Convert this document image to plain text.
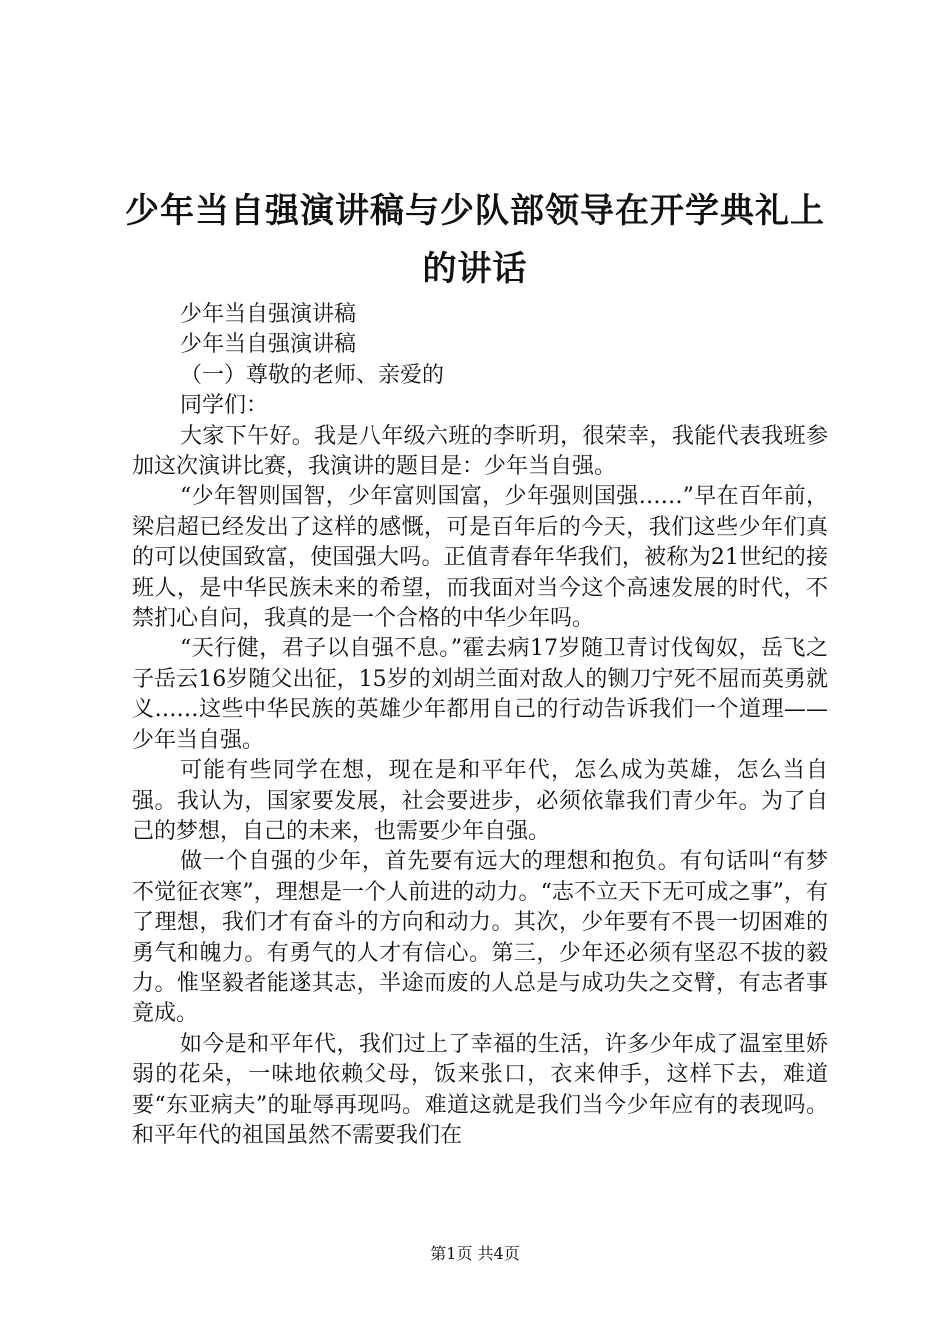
少年当自强演讲稿与少队部领导在开学典礼上
的讲话

少年当自强演讲稿

少年当自强演讲稿

（一）尊敬的老师、亲爱的

同学们：

大家下午好。我是八年级六班的李昕玥，很荣幸，我能代表我班参加这次演讲比赛，我演讲的题目是：少年当自强。

“少年智则国智，少年富则国富，少年强则国强……”早在百年前，梁启超已经发出了这样的感慨，可是百年后的今天，我们这些少年们真的可以使国致富，使国强大吗。正值青春年华我们，被称为21世纪的接班人，是中华民族未来的希望，而我面对当今这个高速发展的时代，不禁扪心自问，我真的是一个合格的中华少年吗。

“天行健，君子以自强不息。”霍去病17岁随卫青讨伐匈奴，岳飞之子岳云16岁随父出征，15岁的刘胡兰面对敌人的铡刀宁死不屈而英勇就义……这些中华民族的英雄少年都用自己的行动告诉我们一个道理——少年当自强。

可能有些同学在想，现在是和平年代，怎么成为英雄，怎么当自强。我认为，国家要发展，社会要进步，必须依靠我们青少年。为了自己的梦想，自己的未来，也需要少年自强。

做一个自强的少年，首先要有远大的理想和抱负。有句话叫“有梦不觉征衣寒”，理想是一个人前进的动力。“志不立天下无可成之事”，有了理想，我们才有奋斗的方向和动力。其次，少年要有不畏一切困难的勇气和魄力。有勇气的人才有信心。第三，少年还必须有坚忍不拔的毅力。惟坚毅者能遂其志，半途而废的人总是与成功失之交臂，有志者事竟成。

如今是和平年代，我们过上了幸福的生活，许多少年成了温室里娇弱的花朵，一味地依赖父母，饭来张口，衣来伸手，这样下去，难道要“东亚病夫”的耻辱再现吗。难道这就是我们当今少年应有的表现吗。和平年代的祖国虽然不需要我们在

第1页 共4页
